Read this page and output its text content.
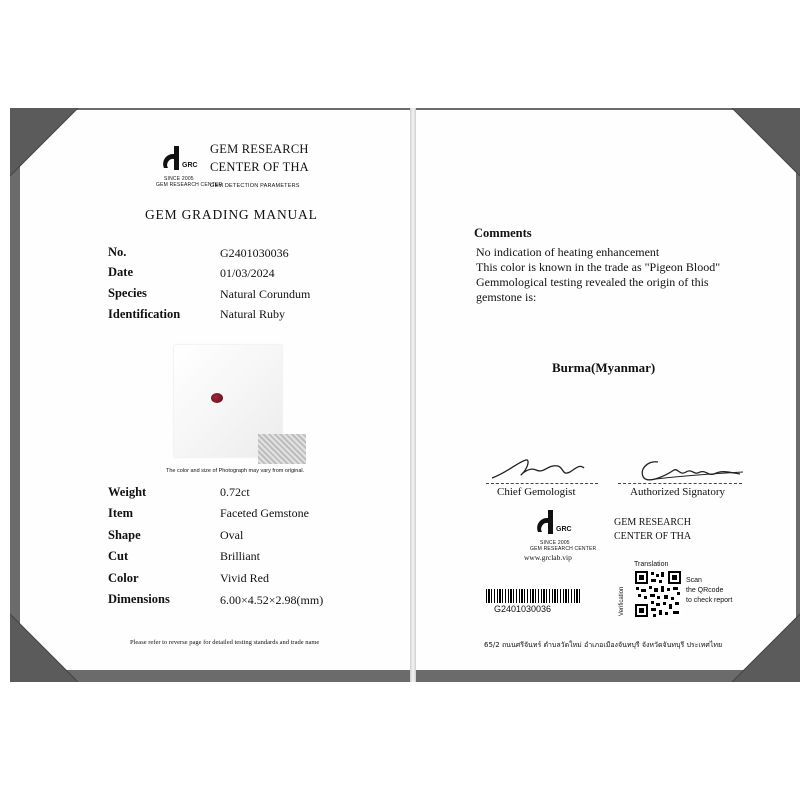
GRC
SINCE 2005
GEM RESEARCH CENTER
GEM RESEARCH
CENTER OF THA
GEM DETECTION PARAMETERS
GEM GRADING MANUAL
No.	G2401030036
Date	01/03/2024
Species	Natural Corundum
Identification	Natural Ruby
The color and size of Photograph may vary from original.
Weight	0.72ct
Item	Faceted Gemstone
Shape	Oval
Cut	Brilliant
Color	Vivid Red
Dimensions	6.00×4.52×2.98(mm)
Please refer to reverse page for detailed testing standards and trade name
Comments
No indication of heating enhancement
This color is known in the trade as "Pigeon Blood"
Gemmological testing revealed the origin of this
gemstone is:
Burma(Myanmar)
Chief Gemologist	Authorized Signatory
GRC
SINCE 2005
GEM RESEARCH CENTER
www.grclab.vip
GEM RESEARCH
CENTER OF THA
Translation
Verification
Scan
the QRcode
to check report
G2401030036
65/2 ถนนศรีจันทร์ ตำบลวัดใหม่ อำเภอเมืองจันทบุรี จังหวัดจันทบุรี ประเทศไทย
